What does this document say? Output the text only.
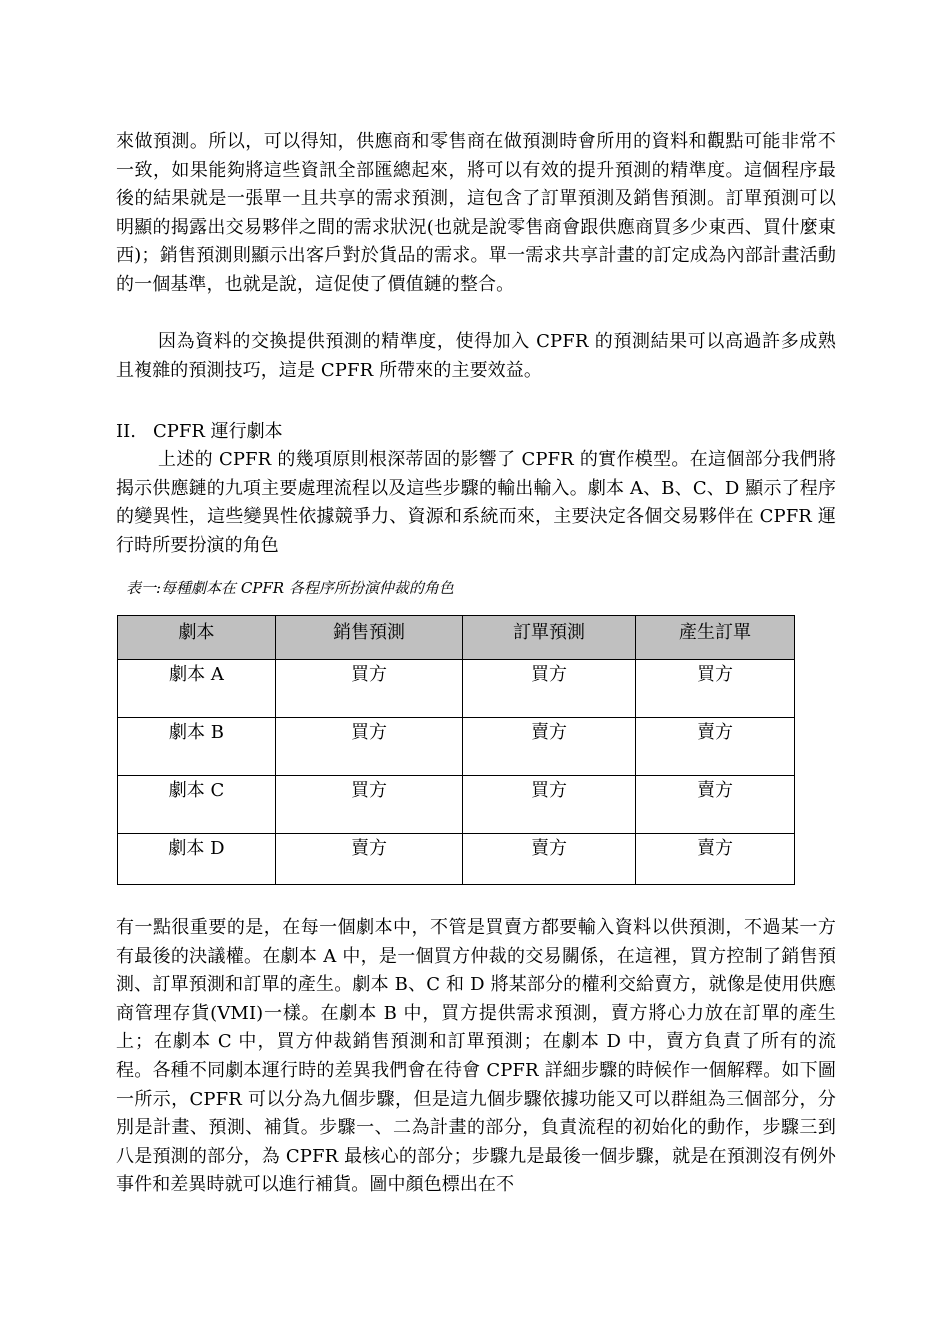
來做預測。所以，可以得知，供應商和零售商在做預測時會所用的資料和觀點可能非常不一致，如果能夠將這些資訊全部匯總起來，將可以有效的提升預測的精準度。這個程序最後的結果就是一張單一且共享的需求預測，這包含了訂單預測及銷售預測。訂單預測可以明顯的揭露出交易夥伴之間的需求狀況(也就是說零售商會跟供應商買多少東西、買什麼東西)；銷售預測則顯示出客戶對於貨品的需求。單一需求共享計畫的訂定成為內部計畫活動的一個基準，也就是說，這促使了價值鏈的整合。

因為資料的交換提供預測的精準度，使得加入 CPFR 的預測結果可以高過許多成熟且複雜的預測技巧，這是 CPFR 所帶來的主要效益。

II. CPFR 運行劇本

上述的 CPFR 的幾項原則根深蒂固的影響了 CPFR 的實作模型。在這個部分我們將揭示供應鏈的九項主要處理流程以及這些步驟的輸出輸入。劇本 A、B、C、D 顯示了程序的變異性，這些變異性依據競爭力、資源和系統而來，主要決定各個交易夥伴在 CPFR 運行時所要扮演的角色

表一:每種劇本在 CPFR 各程序所扮演仲裁的角色

劇本	銷售預測	訂單預測	產生訂單
劇本 A	買方	買方	買方
劇本 B	買方	賣方	賣方
劇本 C	買方	買方	賣方
劇本 D	賣方	賣方	賣方

有一點很重要的是，在每一個劇本中，不管是買賣方都要輸入資料以供預測，不過某一方有最後的決議權。在劇本 A 中，是一個買方仲裁的交易關係，在這裡，買方控制了銷售預測、訂單預測和訂單的產生。劇本 B、C 和 D 將某部分的權利交給賣方，就像是使用供應商管理存貨(VMI)一樣。在劇本 B 中，買方提供需求預測，賣方將心力放在訂單的產生上；在劇本 C 中，買方仲裁銷售預測和訂單預測；在劇本 D 中，賣方負責了所有的流程。各種不同劇本運行時的差異我們會在待會 CPFR 詳細步驟的時候作一個解釋。如下圖一所示，CPFR 可以分為九個步驟，但是這九個步驟依據功能又可以群組為三個部分，分別是計畫、預測、補貨。步驟一、二為計畫的部分，負責流程的初始化的動作，步驟三到八是預測的部分，為 CPFR 最核心的部分；步驟九是最後一個步驟，就是在預測沒有例外事件和差異時就可以進行補貨。圖中顏色標出在不
